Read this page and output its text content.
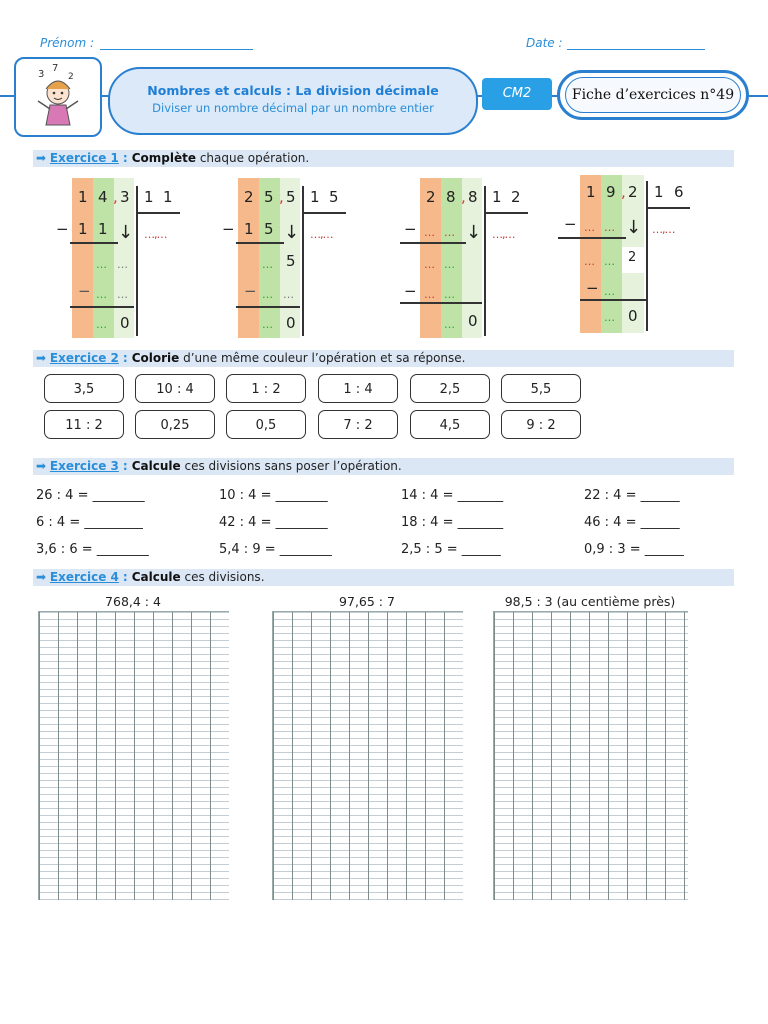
Prénom :	Date :
3
7
2
Nombres et calculs : La division décimale
Diviser un nombre décimal par un nombre entier
CM2	Fiche d’exercices n°49
➡ Exercice 1 : Complète chaque opération.
1 4 , 3 1 1
− 1 1 ↓ …,…
… …
− … …
… 0
2 5 , 5 1 5
− 1 5 ↓ …,…
… 5
− … …
… 0
2 8 , 8 1 2
− … … ↓ …,…
… …
− … …
… 0
1 9 , 2 1 6
− … … ↓ …,…
… … 2
− …
… 0
➡ Exercice 2 : Colorie d’une même couleur l’opération et sa réponse.
3,5	10 : 4	1 : 2	1 : 4	2,5	5,5
11 : 2	0,25	0,5	7 : 2	4,5	9 : 2
➡ Exercice 3 : Calcule ces divisions sans poser l’opération.
26 : 4 = ________	10 : 4 = ________	14 : 4 = _______	22 : 4 = ______
6 : 4 = _________	42 : 4 = ________	18 : 4 = _______	46 : 4 = ______
3,6 : 6 = ________	5,4 : 9 = ________	2,5 : 5 = ______	0,9 : 3 = ______
➡ Exercice 4 : Calcule ces divisions.
768,4 : 4	97,65 : 7	98,5 : 3 (au centième près)
